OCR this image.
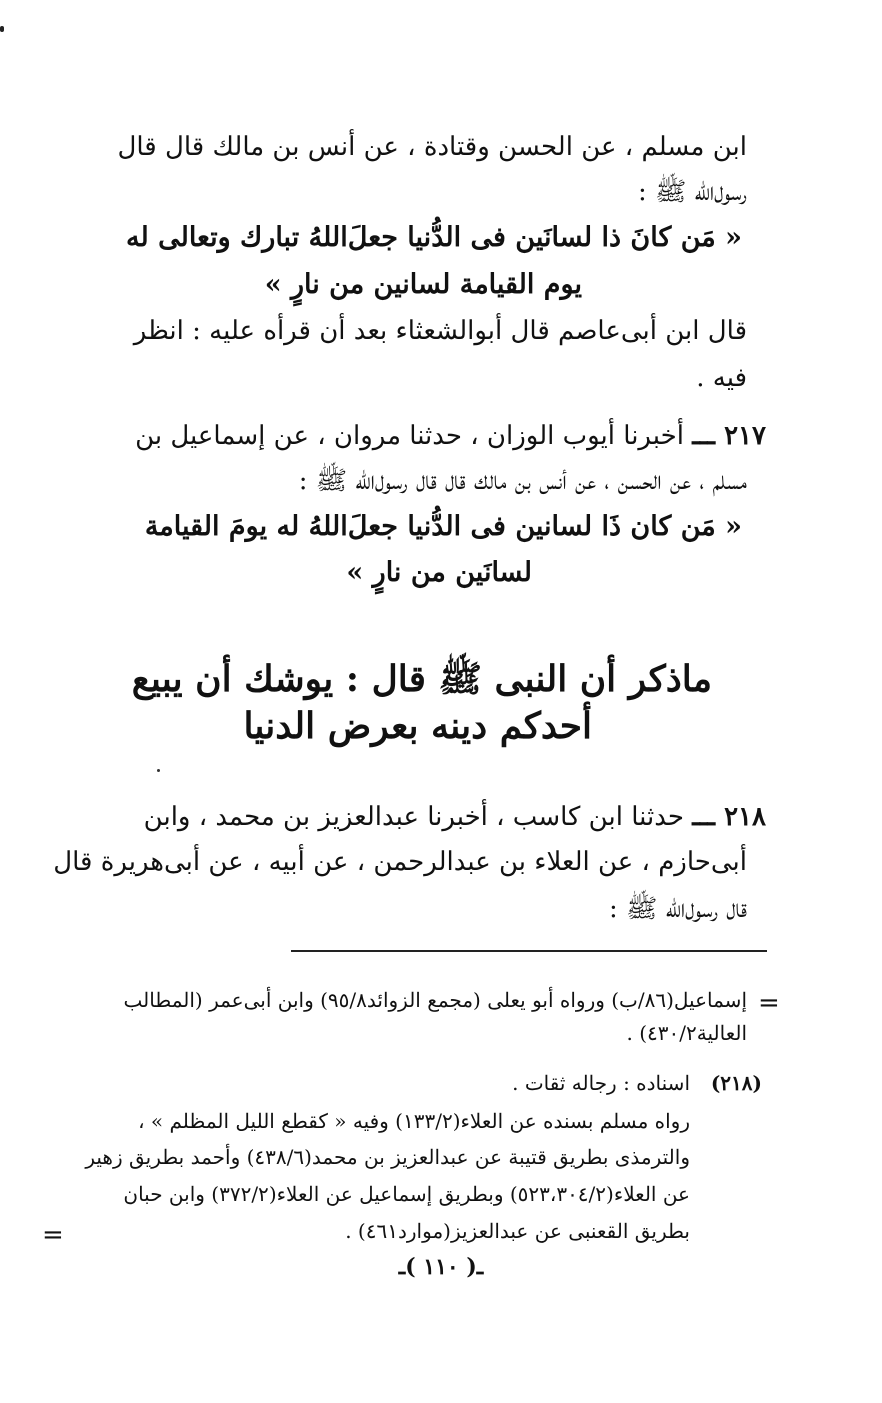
ابن مسلم ، عن الحسن وقتادة ، عن أنس بن مالك قال قال
رسول‌الله ﷺ :
« مَن كانَ ذا لسانَين فى الدُّنيا جعلَ‌اللهُ تبارك وتعالى له
يوم القيامة لسانين من نارٍ »
قال ابن أبى‌عاصم قال أبوالشعثاء بعد أن قرأه عليه : انظر
فيه .
٢١٧ ـــ أخبرنا أيوب الوزان ، حدثنا مروان ، عن إسماعيل بن
مسلم ، عن الحسن ، عن أنس بن مالك قال قال رسول‌الله ﷺ :
« مَن كان ذَا لسانين فى الدُّنيا جعلَ‌اللهُ له يومَ القيامة
لسانَين من نارٍ »
ماذكر أن النبى ﷺ قال : يوشك أن يبيع
أحدكم دينه بعرض الدنيا
٢١٨ ـــ حدثنا ابن كاسب ، أخبرنا عبدالعزيز بن محمد ، وابن
أبى‌حازم ، عن العلاء بن عبدالرحمن ، عن أبيه ، عن أبى‌هريرة قال
قال رسول‌الله ﷺ :
=
إسماعيل(٨٦/ب) ورواه أبو يعلى (مجمع الزوائد٩٥/٨) وابن أبى‌عمر (المطالب
العالية٤٣٠/٢) .
(٢١٨)
اسناده : رجاله ثقات .
رواه مسلم بسنده عن العلاء(١٣٣/٢) وفيه « كقطع الليل المظلم » ،
والترمذى بطريق قتيبة عن عبدالعزيز بن محمد(٤٣٨/٦) وأحمد بطريق زهير
عن العلاء(٥٢٣،٣٠٤/٢) وبطريق إسماعيل عن العلاء(٣٧٢/٢) وابن حبان
بطريق القعنبى عن عبدالعزيز(موارد٤٦١) .
=
ـ( ١١٠ )ـ
